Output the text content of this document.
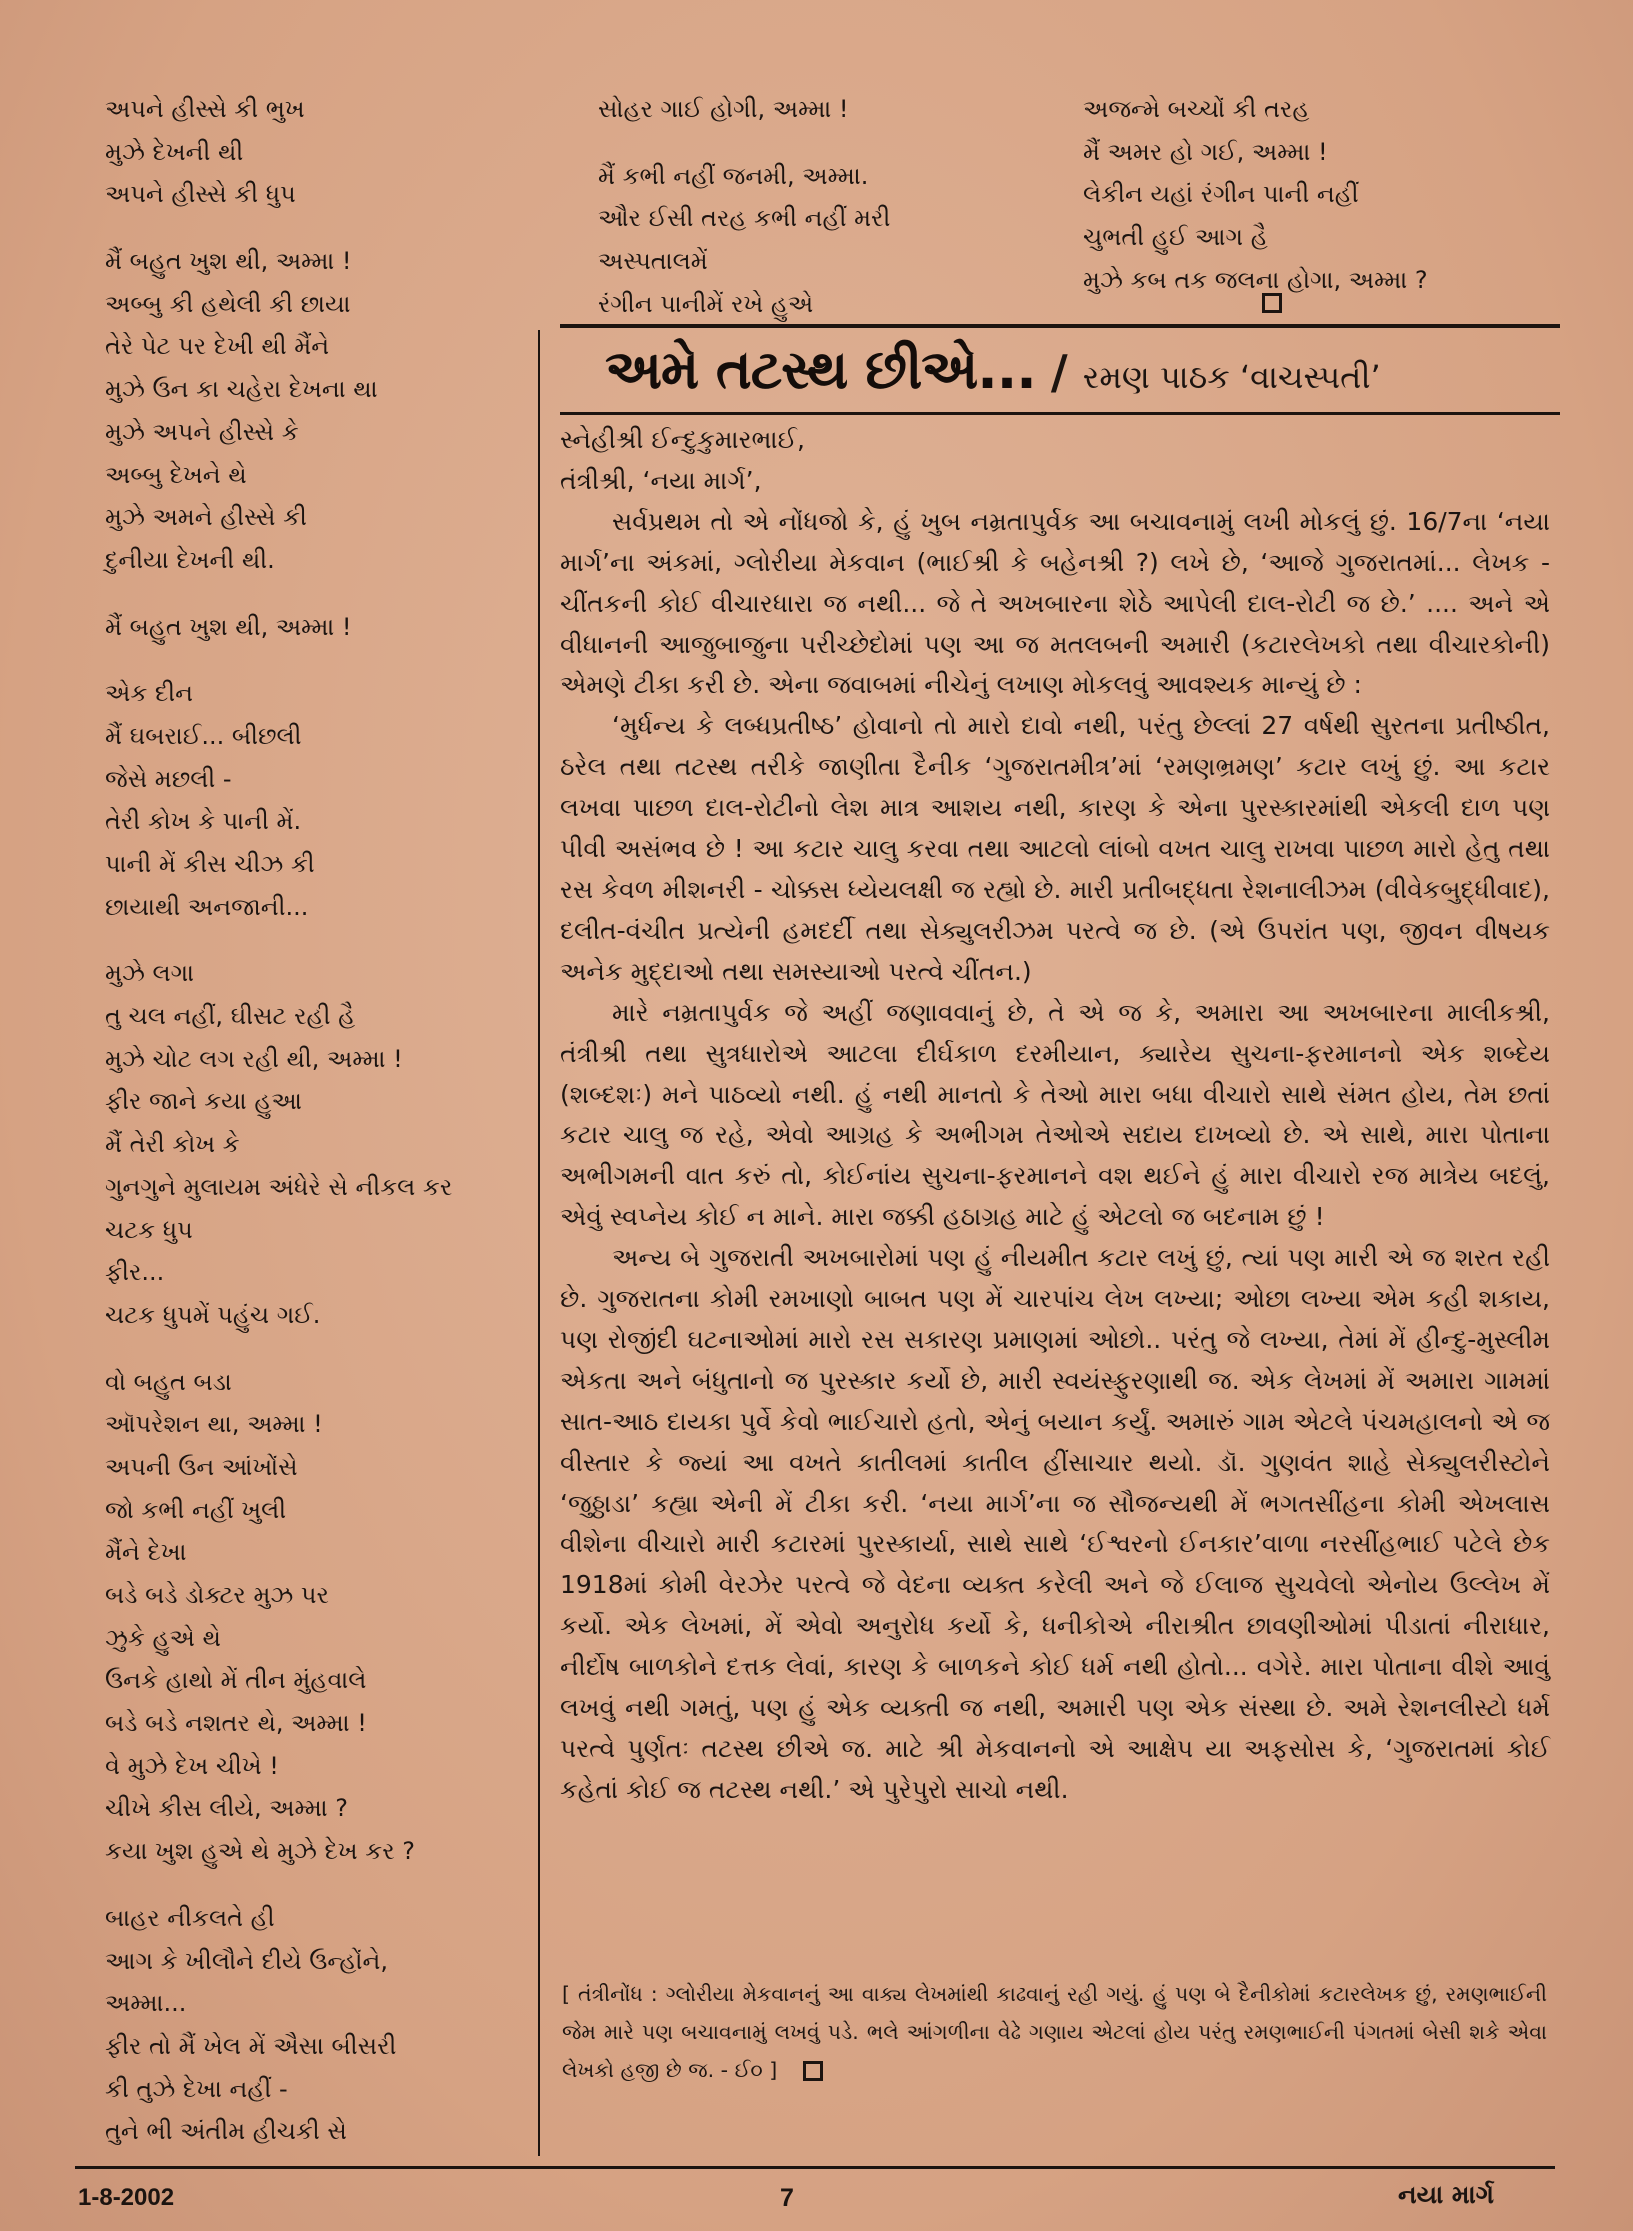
અપને હીસ્સે કી ભુખ
મુઝે દેખની થી
અપને હીસ્સે કી ધુપ
મૈં બહુત ખુશ થી, અમ્મા !
અબ્બુ કી હથેલી કી છાયા
તેરે પેટ પર દેખી થી મૈંને
મુઝે ઉન કા ચહેરા દેખના થા
મુઝે અપને હીસ્સે કે
અબ્બુ દેખને થે
મુઝે અમને હીસ્સે કી
દુનીયા દેખની થી.
મૈં બહુત ખુશ થી, અમ્મા !
એક દીન
મૈં ઘબરાઈ... બીછલી
જેસે મછલી -
તેરી કોખ કે પાની મેં.
પાની મેં કીસ ચીઝ કી
છાયાથી અનજાની...
મુઝે લગા
તુ ચલ નહીં, ઘીસટ રહી હૈ
મુઝે ચોટ લગ રહી થી, અમ્મા !
ફીર જાને કયા હુઆ
મૈં તેરી કોખ કે
ગુનગુને મુલાયમ અંધેરે સે નીકલ કર
ચટક ધુપ
ફીર...
ચટક ધુપમેં પહુંચ ગઈ.
વો બહુત બડા
ઑપરેશન થા, અમ્મા !
અપની ઉન આંખોંસે
જો કભી નહીં ખુલી
મૈંને દેખા
બડે બડે ડોક્ટર મુઝ પર
ઝુકે હુએ થે
ઉનકે હાથો મેં તીન મુંહવાલે
બડે બડે નશતર થે, અમ્મા !
વે મુઝે દેખ ચીખે !
ચીખે કીસ લીયે, અમ્મા ?
કયા ખુશ હુએ થે મુઝે દેખ કર ?
બાહર નીકલતે હી
આગ કે ખીલૌને દીયે ઉન્હોંને,
અમ્મા...
ફીર તો મૈં ખેલ મેં ઐસા બીસરી
કી તુઝે દેખા નહીં -
તુને ભી અંતીમ હીચકી સે
સોહર ગાઈ હોગી, અમ્મા !
મૈં કભી નહીં જનમી, અમ્મા.
ઔર ઈસી તરહ કભી નહીં મરી
અસ્પતાલમેં
રંગીન પાનીમેં રખે હુએ
અજન્મે બચ્ચોં કી તરહ
મૈં અમર હો ગઈ, અમ્મા !
લેકીન યહાં રંગીન પાની નહીં
ચુભતી હુઈ આગ હૈ
મુઝે કબ તક જલના હોગા, અમ્મા ?
અમે તટસ્થ છીએ... / રમણ પાઠક ‘વાચસ્પતી’

સ્નેહીશ્રી ઈન્દુકુમારભાઈ,

તંત્રીશ્રી, ‘નયા માર્ગ’,

સર્વપ્રથમ તો એ નોંધજો કે, હું ખુબ નમ્રતાપુર્વક આ બચાવનામું લખી મોકલું છું. 16/7ના ‘નયા માર્ગ’ના અંકમાં, ગ્લોરીયા મેકવાન (ભાઈશ્રી કે બહેનશ્રી ?) લખે છે, ‘આજે ગુજરાતમાં... લેખક - ચીંતકની કોઈ વીચારધારા જ નથી... જે તે અખબારના શેઠે આપેલી દાલ-રોટી જ છે.’ .... અને એ વીધાનની આજુબાજુના પરીચ્છેદોમાં પણ આ જ મતલબની અમારી (કટારલેખકો તથા વીચારકોની) એમણે ટીકા કરી છે. એના જવાબમાં નીચેનું લખાણ મોકલવું આવશ્યક માન્યું છે :

‘મુર્ધન્ય કે લબ્ધપ્રતીષ્ઠ’ હોવાનો તો મારો દાવો નથી, પરંતુ છેલ્લાં 27 વર્ષથી સુરતના પ્રતીષ્ઠીત, ઠરેલ તથા તટસ્થ તરીકે જાણીતા દૈનીક ‘ગુજરાતમીત્ર’માં ‘રમણભ્રમણ’ કટાર લખું છું. આ કટાર લખવા પાછળ દાલ-રોટીનો લેશ માત્ર આશય નથી, કારણ કે એના પુરસ્કારમાંથી એકલી દાળ પણ પીવી અસંભવ છે ! આ કટાર ચાલુ કરવા તથા આટલો લાંબો વખત ચાલુ રાખવા પાછળ મારો હેતુ તથા રસ કેવળ મીશનરી - ચોક્કસ ધ્યેયલક્ષી જ રહ્યો છે. મારી પ્રતીબદ્ધતા રેશનાલીઝમ (વીવેકબુદ્ધીવાદ), દલીત-વંચીત પ્રત્યેની હમદર્દી તથા સેક્યુલરીઝમ પરત્વે જ છે. (એ ઉપરાંત પણ, જીવન વીષયક અનેક મુદ્દાઓ તથા સમસ્યાઓ પરત્વે ચીંતન.)

મારે નમ્રતાપુર્વક જે અહીં જણાવવાનું છે, તે એ જ કે, અમારા આ અખબારના માલીકશ્રી, તંત્રીશ્રી તથા સુત્રધારોએ આટલા દીર્ઘકાળ દરમીયાન, ક્યારેય સુચના-ફરમાનનો એક શબ્દેય (શબ્દશઃ) મને પાઠવ્યો નથી. હું નથી માનતો કે તેઓ મારા બધા વીચારો સાથે સંમત હોય, તેમ છતાં કટાર ચાલુ જ રહે, એવો આગ્રહ કે અભીગમ તેઓએ સદાય દાખવ્યો છે. એ સાથે, મારા પોતાના અભીગમની વાત કરું તો, કોઈનાંય સુચના-ફરમાનને વશ થઈને હું મારા વીચારો રજ માત્રેય બદલું, એવું સ્વપ્નેય કોઈ ન માને. મારા જક્કી હઠાગ્રહ માટે હું એટલો જ બદનામ છું !

અન્ય બે ગુજરાતી અખબારોમાં પણ હું નીયમીત કટાર લખું છું, ત્યાં પણ મારી એ જ શરત રહી છે. ગુજરાતના કોમી રમખાણો બાબત પણ મેં ચારપાંચ લેખ લખ્યા; ઓછા લખ્યા એમ કહી શકાય, પણ રોજીંદી ઘટનાઓમાં મારો રસ સકારણ પ્રમાણમાં ઓછો.. પરંતુ જે લખ્યા, તેમાં મેં હીન્દુ-મુસ્લીમ એકતા અને બંધુતાનો જ પુરસ્કાર કર્યો છે, મારી સ્વયંસ્ફુરણાથી જ. એક લેખમાં મેં અમારા ગામમાં સાત-આઠ દાયકા પુર્વે કેવો ભાઈચારો હતો, એનું બયાન કર્યું. અમારું ગામ એટલે પંચમહાલનો એ જ વીસ્તાર કે જ્યાં આ વખતે કાતીલમાં કાતીલ હીંસાચાર થયો. ડૉ. ગુણવંત શાહે સેક્યુલરીસ્ટોને ‘જુઠ્ઠાડા’ કહ્યા એની મેં ટીકા કરી. ‘નયા માર્ગ’ના જ સૌજન્યથી મેં ભગતસીંહના કોમી એખલાસ વીશેના વીચારો મારી કટારમાં પુરસ્કાર્યા, સાથે સાથે ‘ઈશ્વરનો ઈનકાર’વાળા નરસીંહભાઈ પટેલે છેક 1918માં કોમી વેરઝેર પરત્વે જે વેદના વ્યક્ત કરેલી અને જે ઈલાજ સુચવેલો એનોય ઉલ્લેખ મેં કર્યો. એક લેખમાં, મેં એવો અનુરોધ કર્યો કે, ધનીકોએ નીરાશ્રીત છાવણીઓમાં પીડાતાં નીરાધાર, નીર્દોષ બાળકોને દત્તક લેવાં, કારણ કે બાળકને કોઈ ધર્મ નથી હોતો... વગેરે. મારા પોતાના વીશે આવું લખવું નથી ગમતું, પણ હું એક વ્યક્તી જ નથી, અમારી પણ એક સંસ્થા છે. અમે રેશનલીસ્ટો ધર્મ પરત્વે પુર્ણતઃ તટસ્થ છીએ જ. માટે શ્રી મેકવાનનો એ આક્ષેપ યા અફસોસ કે, ‘ગુજરાતમાં કોઈ કહેતાં કોઈ જ તટસ્થ નથી.’ એ પુરેપુરો સાચો નથી.

[ તંત્રીનોંધ : ગ્લોરીયા મેકવાનનું આ વાક્ય લેખમાંથી કાઢવાનું રહી ગયું. હું પણ બે દૈનીકોમાં કટારલેખક છું, રમણભાઈની જેમ મારે પણ બચાવનામું લખવું પડે. ભલે આંગળીના વેઢે ગણાય એટલાં હોય પરંતુ રમણભાઈની પંગતમાં બેસી શકે એવા લેખકો હજી છે જ. - ઈ૦ ]
1-8-2002	7	નયા માર્ગ
